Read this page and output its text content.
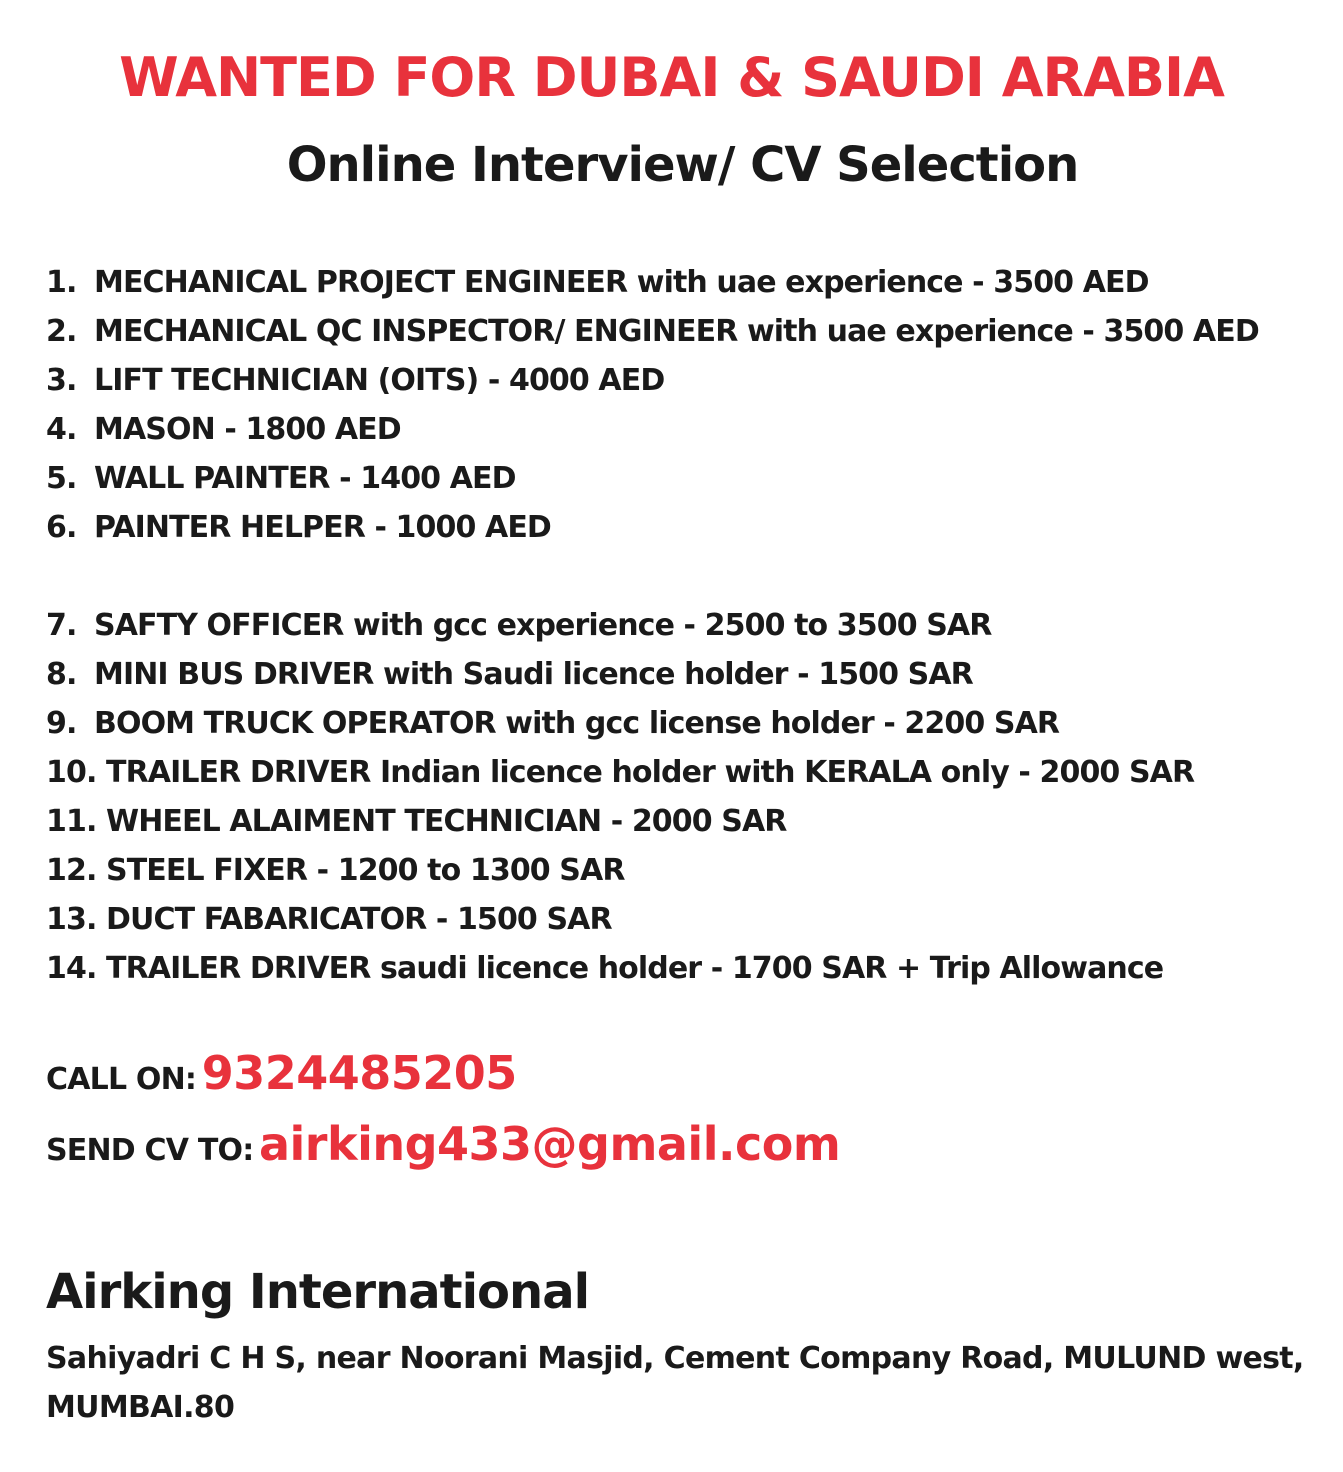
WANTED FOR DUBAI & SAUDI ARABIA
Online Interview/ CV Selection
1. MECHANICAL PROJECT ENGINEER with uae experience - 3500 AED
2. MECHANICAL QC INSPECTOR/ ENGINEER with uae experience - 3500 AED
3. LIFT TECHNICIAN (OITS) - 4000 AED
4. MASON - 1800 AED
5. WALL PAINTER - 1400 AED
6. PAINTER HELPER - 1000 AED
7. SAFTY OFFICER with gcc experience - 2500 to 3500 SAR
8. MINI BUS DRIVER with Saudi licence holder - 1500 SAR
9. BOOM TRUCK OPERATOR with gcc license holder - 2200 SAR
10. TRAILER DRIVER Indian licence holder with KERALA only - 2000 SAR
11. WHEEL ALAIMENT TECHNICIAN - 2000 SAR
12. STEEL FIXER - 1200 to 1300 SAR
13. DUCT FABARICATOR - 1500 SAR
14. TRAILER DRIVER saudi licence holder - 1700 SAR + Trip Allowance
CALL ON: 9324485205
SEND CV TO: airking433@gmail.com
Airking International
Sahiyadri C H S, near Noorani Masjid, Cement Company Road, MULUND west, MUMBAI.80
